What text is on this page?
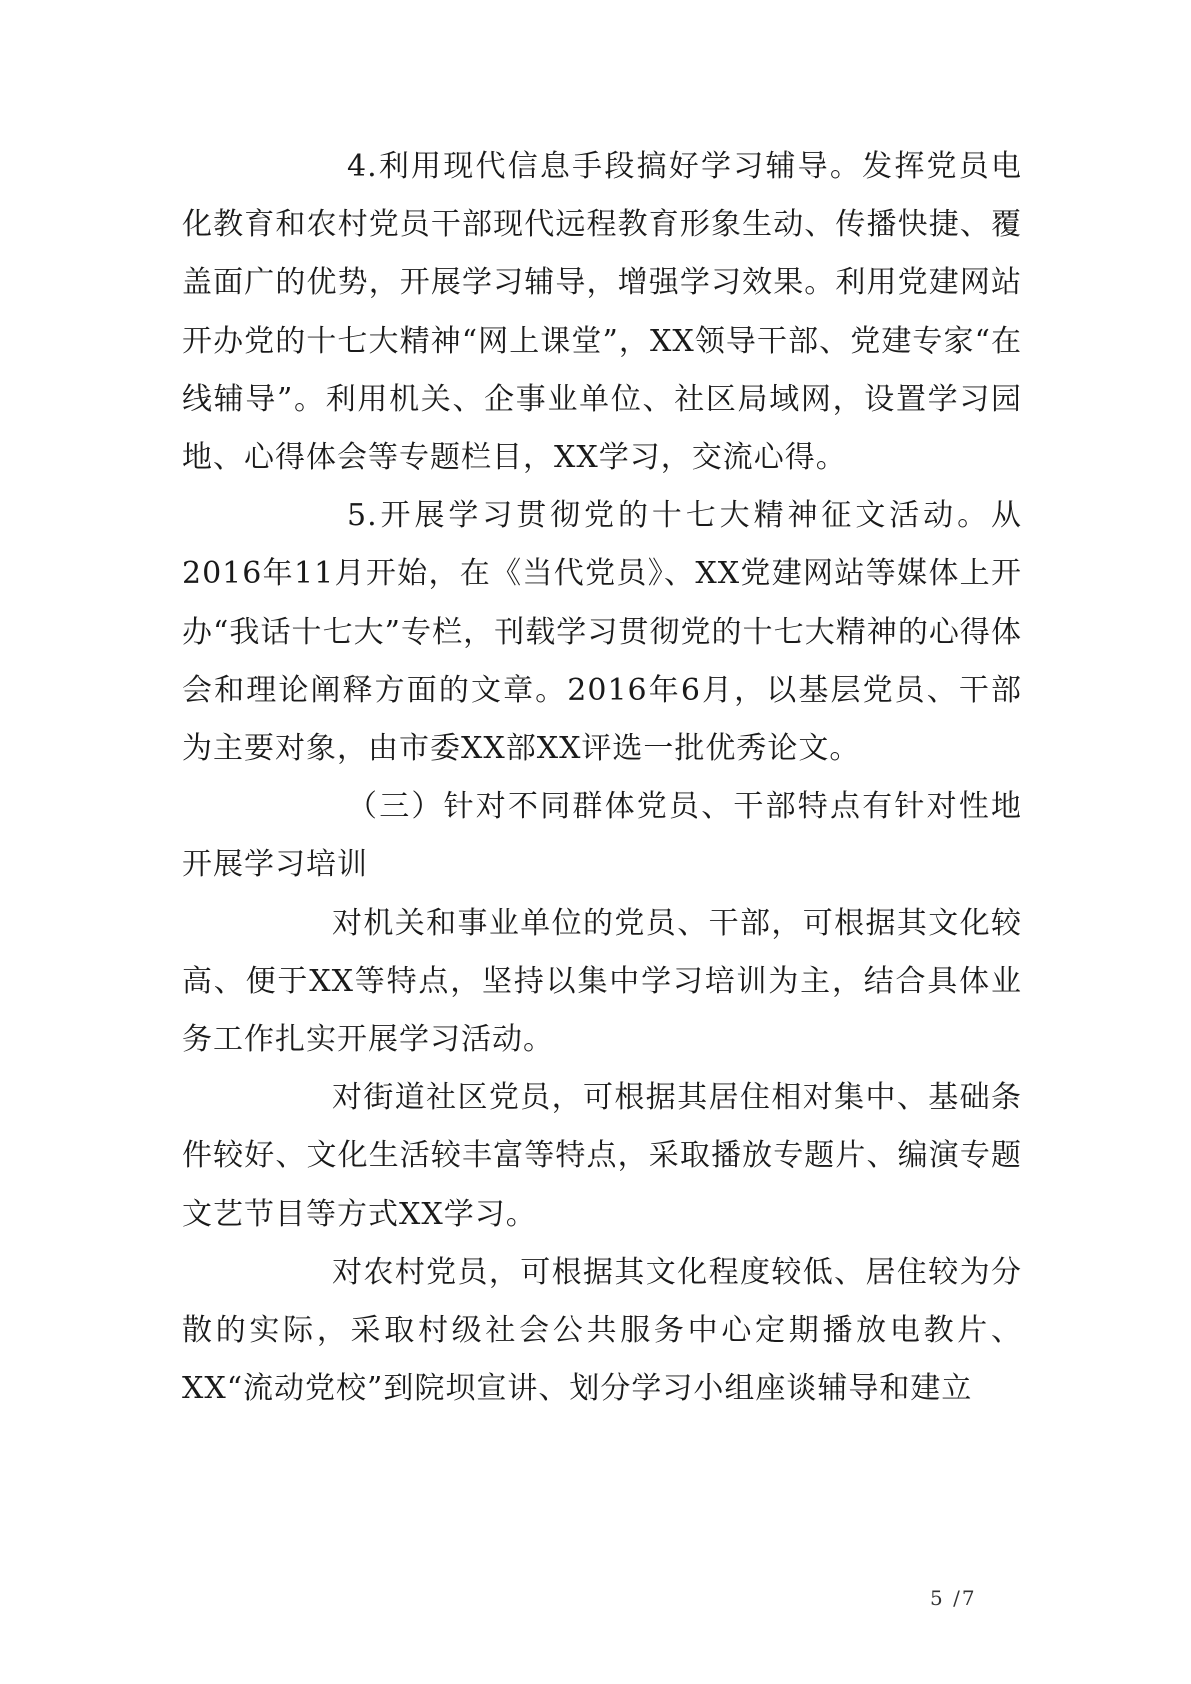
4.利用现代信息手段搞好学习辅导。发挥党员电化教育和农村党员干部现代远程教育形象生动、传播快捷、覆盖面广的优势，开展学习辅导，增强学习效果。利用党建网站开办党的十七大精神“网上课堂”，XX领导干部、党建专家“在线辅导”。利用机关、企事业单位、社区局域网，设置学习园地、心得体会等专题栏目，XX学习，交流心得。

5.开展学习贯彻党的十七大精神征文活动。从2016年11月开始，在《当代党员》、XX党建网站等媒体上开办“我话十七大”专栏，刊载学习贯彻党的十七大精神的心得体会和理论阐释方面的文章。2016年6月，以基层党员、干部为主要对象，由市委XX部XX评选一批优秀论文。

（三）针对不同群体党员、干部特点有针对性地开展学习培训

对机关和事业单位的党员、干部，可根据其文化较高、便于XX等特点，坚持以集中学习培训为主，结合具体业务工作扎实开展学习活动。

对街道社区党员，可根据其居住相对集中、基础条件较好、文化生活较丰富等特点，采取播放专题片、编演专题文艺节目等方式XX学习。

对农村党员，可根据其文化程度较低、居住较为分散的实际，采取村级社会公共服务中心定期播放电教片、XX“流动党校”到院坝宣讲、划分学习小组座谈辅导和建立

5 /7
